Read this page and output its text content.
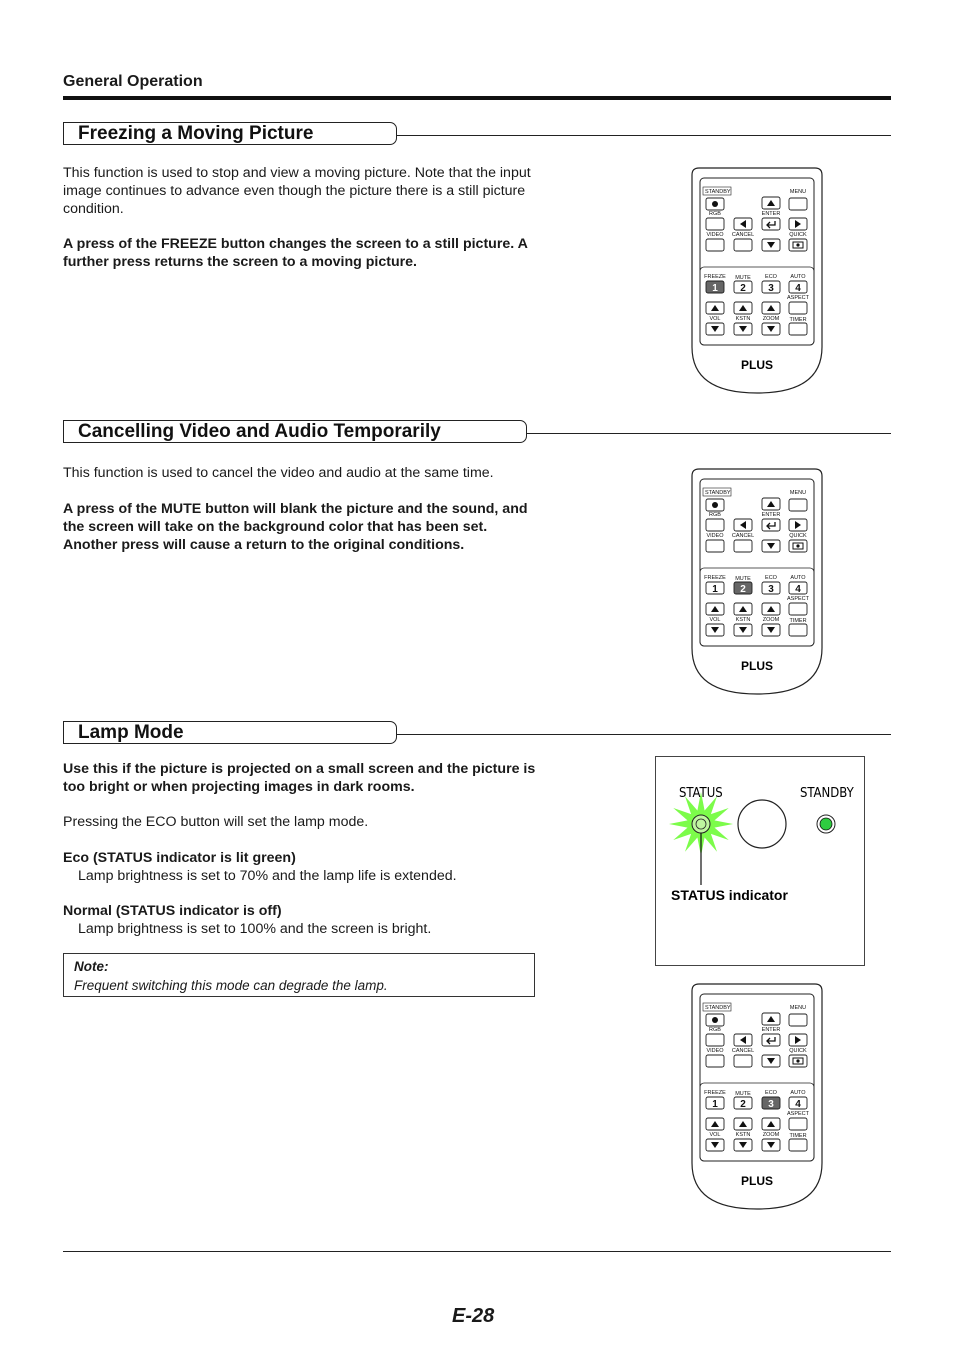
General Operation
Freezing a Moving Picture
This function is used to stop and view a moving picture. Note that the input image continues to advance even though the picture there is a still picture condition.
A press of the FREEZE button changes the screen to a still picture. A further press returns the screen to a moving picture.
Cancelling Video and Audio Temporarily
This function is used to cancel the video and audio at the same time.
A press of the MUTE button will blank the picture and the sound, and the screen will take on the background color that has been set. Another press will cause a return to the original conditions.
Lamp Mode
Use this if the picture is projected on a small screen and the picture is too bright or when projecting images in dark rooms.
Pressing the ECO button will set the lamp mode.
Eco (STATUS indicator is lit green)
Lamp brightness is set to 70% and the lamp life is extended.
Normal (STATUS indicator is off)
Lamp brightness is set to 100% and the screen is bright.
Note:
Frequent switching this mode can degrade the lamp.
STANDBY	MENU
RGB	ENTER
VIDEO CANCEL	QUICK
FREEZE MUTE	ECO AUTO
1 2 3 4
ASPECT
VOL	KSTN ZOOM TIMER
PLUS
STANDBY	MENU
RGB	ENTER
VIDEO CANCEL	QUICK
FREEZE MUTE	ECO AUTO
1 2 3 4
ASPECT
VOL	KSTN ZOOM TIMER
PLUS
STANDBY	MENU
RGB	ENTER
VIDEO CANCEL	QUICK
FREEZE MUTE	ECO AUTO
1 2 3 4
ASPECT
VOL	KSTN ZOOM TIMER
PLUS
STATUS	STANDBY
STATUS indicator
E-28
